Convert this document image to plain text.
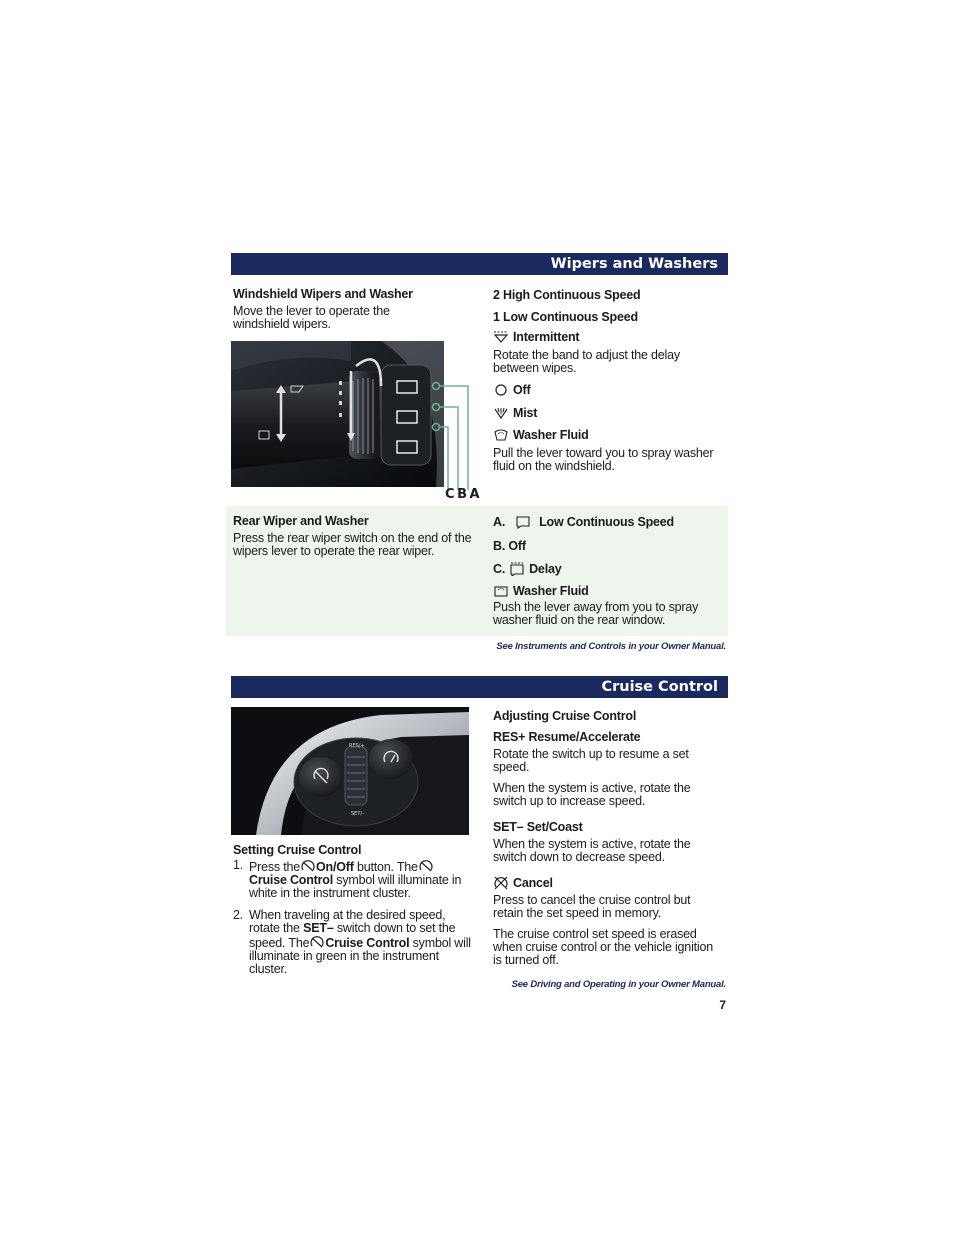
Wipers and Washers
Windshield Wipers and Washer
Move the lever to operate the windshield wipers.
C B A
2 High Continuous Speed
1 Low Continuous Speed
Intermittent
Rotate the band to adjust the delay between wipes.
Off
Mist
Washer Fluid
Pull the lever toward you to spray washer fluid on the windshield.
Rear Wiper and Washer
Press the rear wiper switch on the end of the wipers lever to operate the rear wiper.
A.	Low Continuous Speed
B. Off
C. Delay
Washer Fluid
Push the lever away from you to spray washer fluid on the rear window.
See Instruments and Controls in your Owner Manual.
Cruise Control
RES/+
SET/–
Setting Cruise Control
1. Press the On/Off button. The

Cruise Control symbol will illuminate in white in the instrument cluster.
2. When traveling at the desired speed, rotate the SET– switch down to set the speed. The Cruise Control symbol will illuminate in green in the instrument cluster.
Adjusting Cruise Control
RES+ Resume/Accelerate
Rotate the switch up to resume a set speed.
When the system is active, rotate the switch up to increase speed.
SET– Set/Coast
When the system is active, rotate the switch down to decrease speed.
Cancel
Press to cancel the cruise control but retain the set speed in memory.
The cruise control set speed is erased when cruise control or the vehicle ignition is turned off.
See Driving and Operating in your Owner Manual.
7
